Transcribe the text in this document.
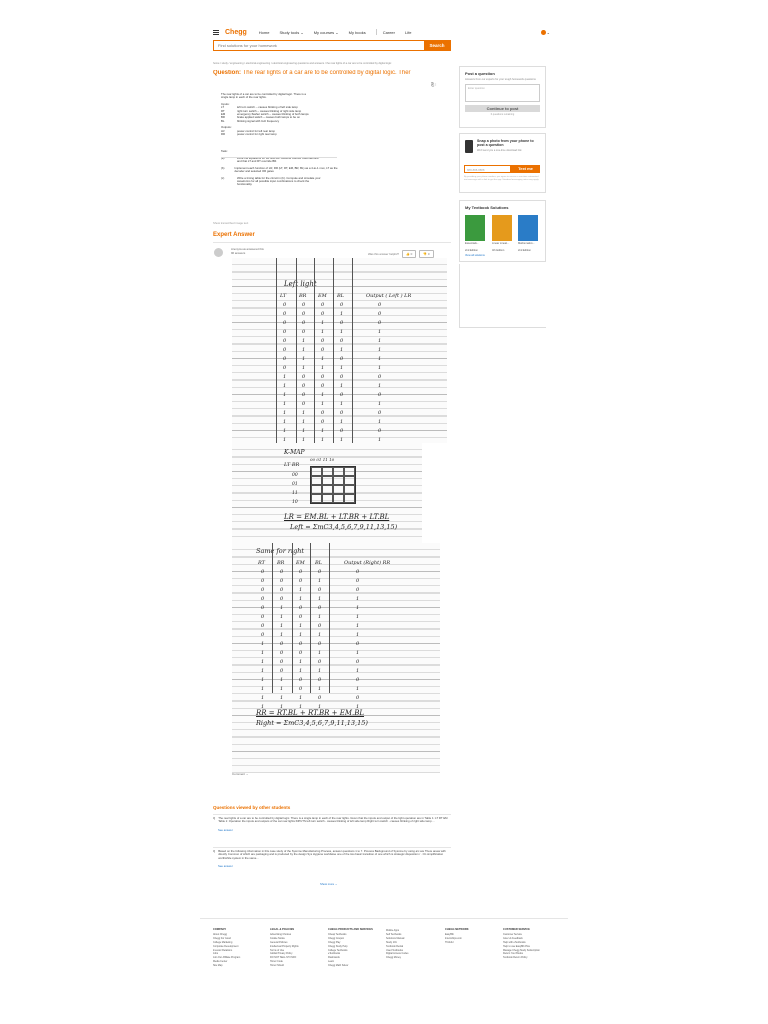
Chegg	Home	Study tools ⌄	My courses ⌄	My books	Career	Life	⌄
Find solutions for your homework
Search
home / study / engineering / electrical engineering / electrical engineering questions and answers / the rear lights of a car are to be controlled by digital logic
Question: The rear lights of a car are to be controlled by digital logic. Ther
⎘ ⋮
The rear lights of a car are to be controlled by digital logic. There is a
single lamp in each of the rear lights.
Inputs:
LT	left turn switch -- causes blinking of left side lamp
RT	right turn switch -- causes blinking of right side lamp
EM	emergency flasher switch -- causes blinking of both lamps
BR	brake applied switch -- causes both lamps to be on
BL	blinking signal with 1Hz frequency
Outputs:
LR	power control for left rear lamp
RR	power control for right rear lamp
Task:
(a)	Write the equations for LR and RR. Assume that BR overrides EM
and that LT and RT override BR.
(b)	Implement each function of LR, RR (LT, RT, EM, BR, BL) as a 4-to-1 mux, LT as the decoder and selected OR gates
(c)	Write a timing table for the circuit in (b). Compute and simulate your
waveforms for all possible input combinations to check the
functionality.
Show transcribed image text
Expert Answer
Anonymous answered this
96 answers	Was this answer helpful?	👍 0	👎 0
Left light
LT	BR EM BL	Output ( Left ) LR
0	0	0	0	0
0	0	0	1	0
0	0	1	0	0
0	0	1	1	1
0	1	0	0	1
0	1	0	1	1
0	1	1	0	1
0	1	1	1	1
1	0	0	0	0
1	0	0	1	1
1	0	1	0	0
1	0	1	1	1
1	1	0	0	0
1	1	0	1	1
1	1	1	0	0
1	1	1	1	1
K-MAP
00 01 11 10
LT BR
00
01
11
10
LR = EM.BL + LT.BR + LT.BL
Left = ΣmC3,4,5,6,7,9,11,13,15)
Same for right
RT BR EM BL	Output (Right) RR
0	0	0	0	0
0	0	0	1	0
0	0	1	0	0
0	0	1	1	1
0	1	0	0	1
0	1	0	1	1
0	1	1	0	1
0	1	1	1	1
1	0	0	0	0
1	0	0	1	1
1	0	1	0	0
1	0	1	1	1
1	1	0	0	0
1	1	0	1	1
1	1	1	0	0
1	1	1	1	1
RR = RT.BL + RT.BR + EM.BL
Right = ΣmC3,4,5,6,7,9,11,13,15)
Comment ⌄
Post a question
Answers from our experts for your tough homework questions
Enter question
Continue to post
0 questions remaining
Snap a photo from your phone to post a question
We'll send you a one-time download link
888-888-8888	Text me
By providing your phone number, you agree to receive a one-time automated text message with a link to get the app. Standard messaging rates may apply.
My Textbook Solutions
Essentials...
2nd Edition
Linear Lineal...
4th Edition
Mathematics...
2nd Edition
View all solutions
Questions viewed by other students
Q The rear lights of a car are to be controlled by digital logic. There is a single lamp in each of the rear lights. Given that the inputs and output of the light operation are in Table 1: LT RT EM Table 1: Operation the inputs and outputs of the car rear lights INPUTS left turn switch - causes blinking of left side lamp Right turn switch - causes blinking of right side lamp ...
See answer
Q Based on the following information in this case study of the Sysnme Manufacturing Process, answer questions 1 to 7. Process Background of Sysnme by using a/c are There areas with directly Common of which are packaging and is produced by the design Sys Hygiene worldwise one of the two basic transition of one which is strategic disposition r . On simplification worthwhile system in the same...
See answer
Show more ⌄
COMPANY
About Chegg
Chegg For Good
College Marketing
Corporate Development
Investor Relations
Jobs
Join Our Affiliate Program
Media Center
Site Map
LEGAL & POLICIES
Advertising Choices
Cookie Notice
General Policies
Intellectual Property Rights
Terms of Use
Global Privacy Policy
DO NOT SELL MY INFO
Honor Code
Honor Shield
CHEGG PRODUCTS AND SERVICES
Cheap Textbooks
Chegg Coupon
Chegg Play
Chegg Study Help
College Textbooks
eTextbooks
Flashcards
Learn
Chegg Math Solver
Mobile Apps
Sell Textbooks
Solutions Manual
Study 101
Textbook Rental
Used Textbooks
Digital Access Codes
Chegg Money
CHEGG NETWORK
EasyBib
Internships.com
Thinkful
CUSTOMER SERVICE
Customer Service
Give Us Feedback
Help with eTextbooks
Help to use EasyBib Plus
Manage Chegg Study Subscription
Return Your Books
Textbook Return Policy
